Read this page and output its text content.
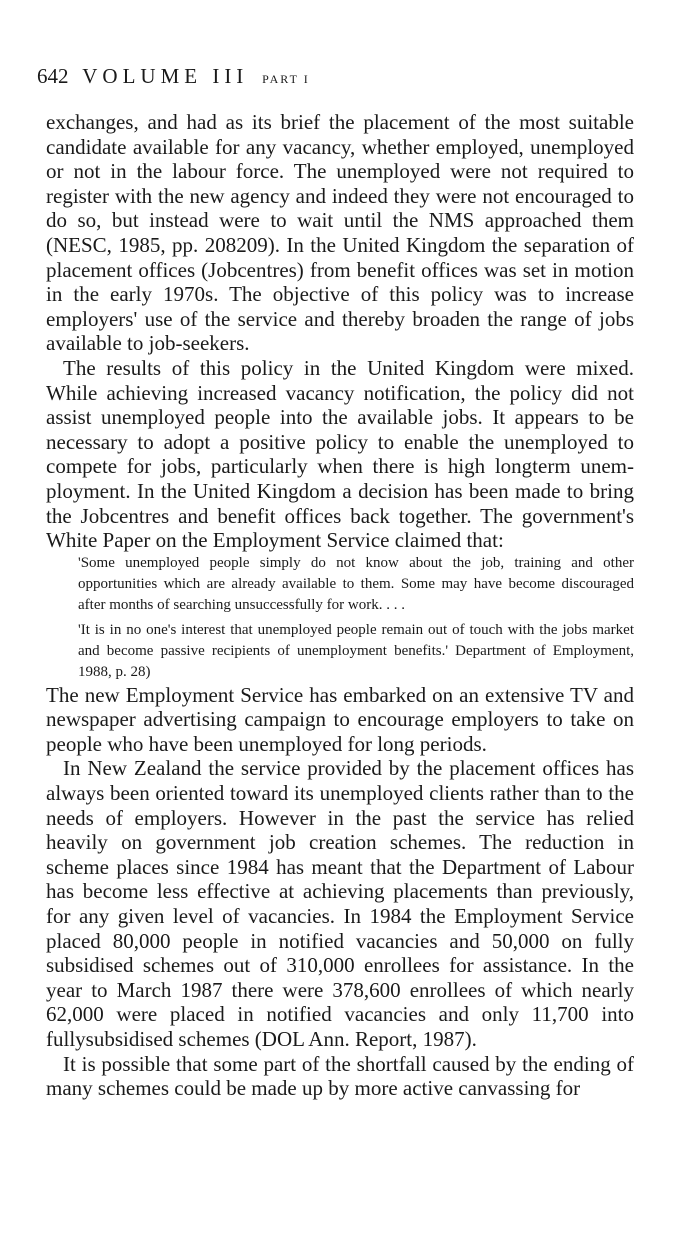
642 VOLUME III PART I

exchanges, and had as its brief the placement of the most suitable candidate available for any vacancy, whether employed, unemployed or not in the labour force. The unemployed were not required to register with the new agency and indeed they were not encouraged to do so, but instead were to wait until the NMS approached them (NESC, 1985, pp. 208209). In the United Kingdom the separation of placement offices (Jobcentres) from benefit offices was set in motion in the early 1970s. The objective of this policy was to increase employers' use of the service and thereby broaden the range of jobs available to job-seekers.

The results of this policy in the United Kingdom were mixed. While achieving increased vacancy notification, the policy did not assist unemployed people into the available jobs. It appears to be necessary to adopt a positive policy to enable the unemployed to compete for jobs, particularly when there is high longterm unemployment. In the United Kingdom a decision has been made to bring the Jobcentres and benefit offices back together. The government's White Paper on the Employment Service claimed that:

'Some unemployed people simply do not know about the job, training and other opportunities which are already available to them. Some may have become discouraged after months of searching unsuccessfully for work. . . .

'It is in no one's interest that unemployed people remain out of touch with the jobs market and become passive recipients of unemployment benefits.' Department of Employment, 1988, p. 28)

The new Employment Service has embarked on an extensive TV and newspaper advertising campaign to encourage employers to take on people who have been unemployed for long periods.

In New Zealand the service provided by the placement offices has always been oriented toward its unemployed clients rather than to the needs of employers. However in the past the service has relied heavily on government job creation schemes. The reduction in scheme places since 1984 has meant that the Department of Labour has become less effective at achieving placements than previously, for any given level of vacancies. In 1984 the Employment Service placed 80,000 people in notified vacancies and 50,000 on fully subsidised schemes out of 310,000 enrollees for assistance. In the year to March 1987 there were 378,600 enrollees of which nearly 62,000 were placed in notified vacancies and only 11,700 into fullysubsidised schemes (DOL Ann. Report, 1987).

It is possible that some part of the shortfall caused by the ending of many schemes could be made up by more active canvassing for
